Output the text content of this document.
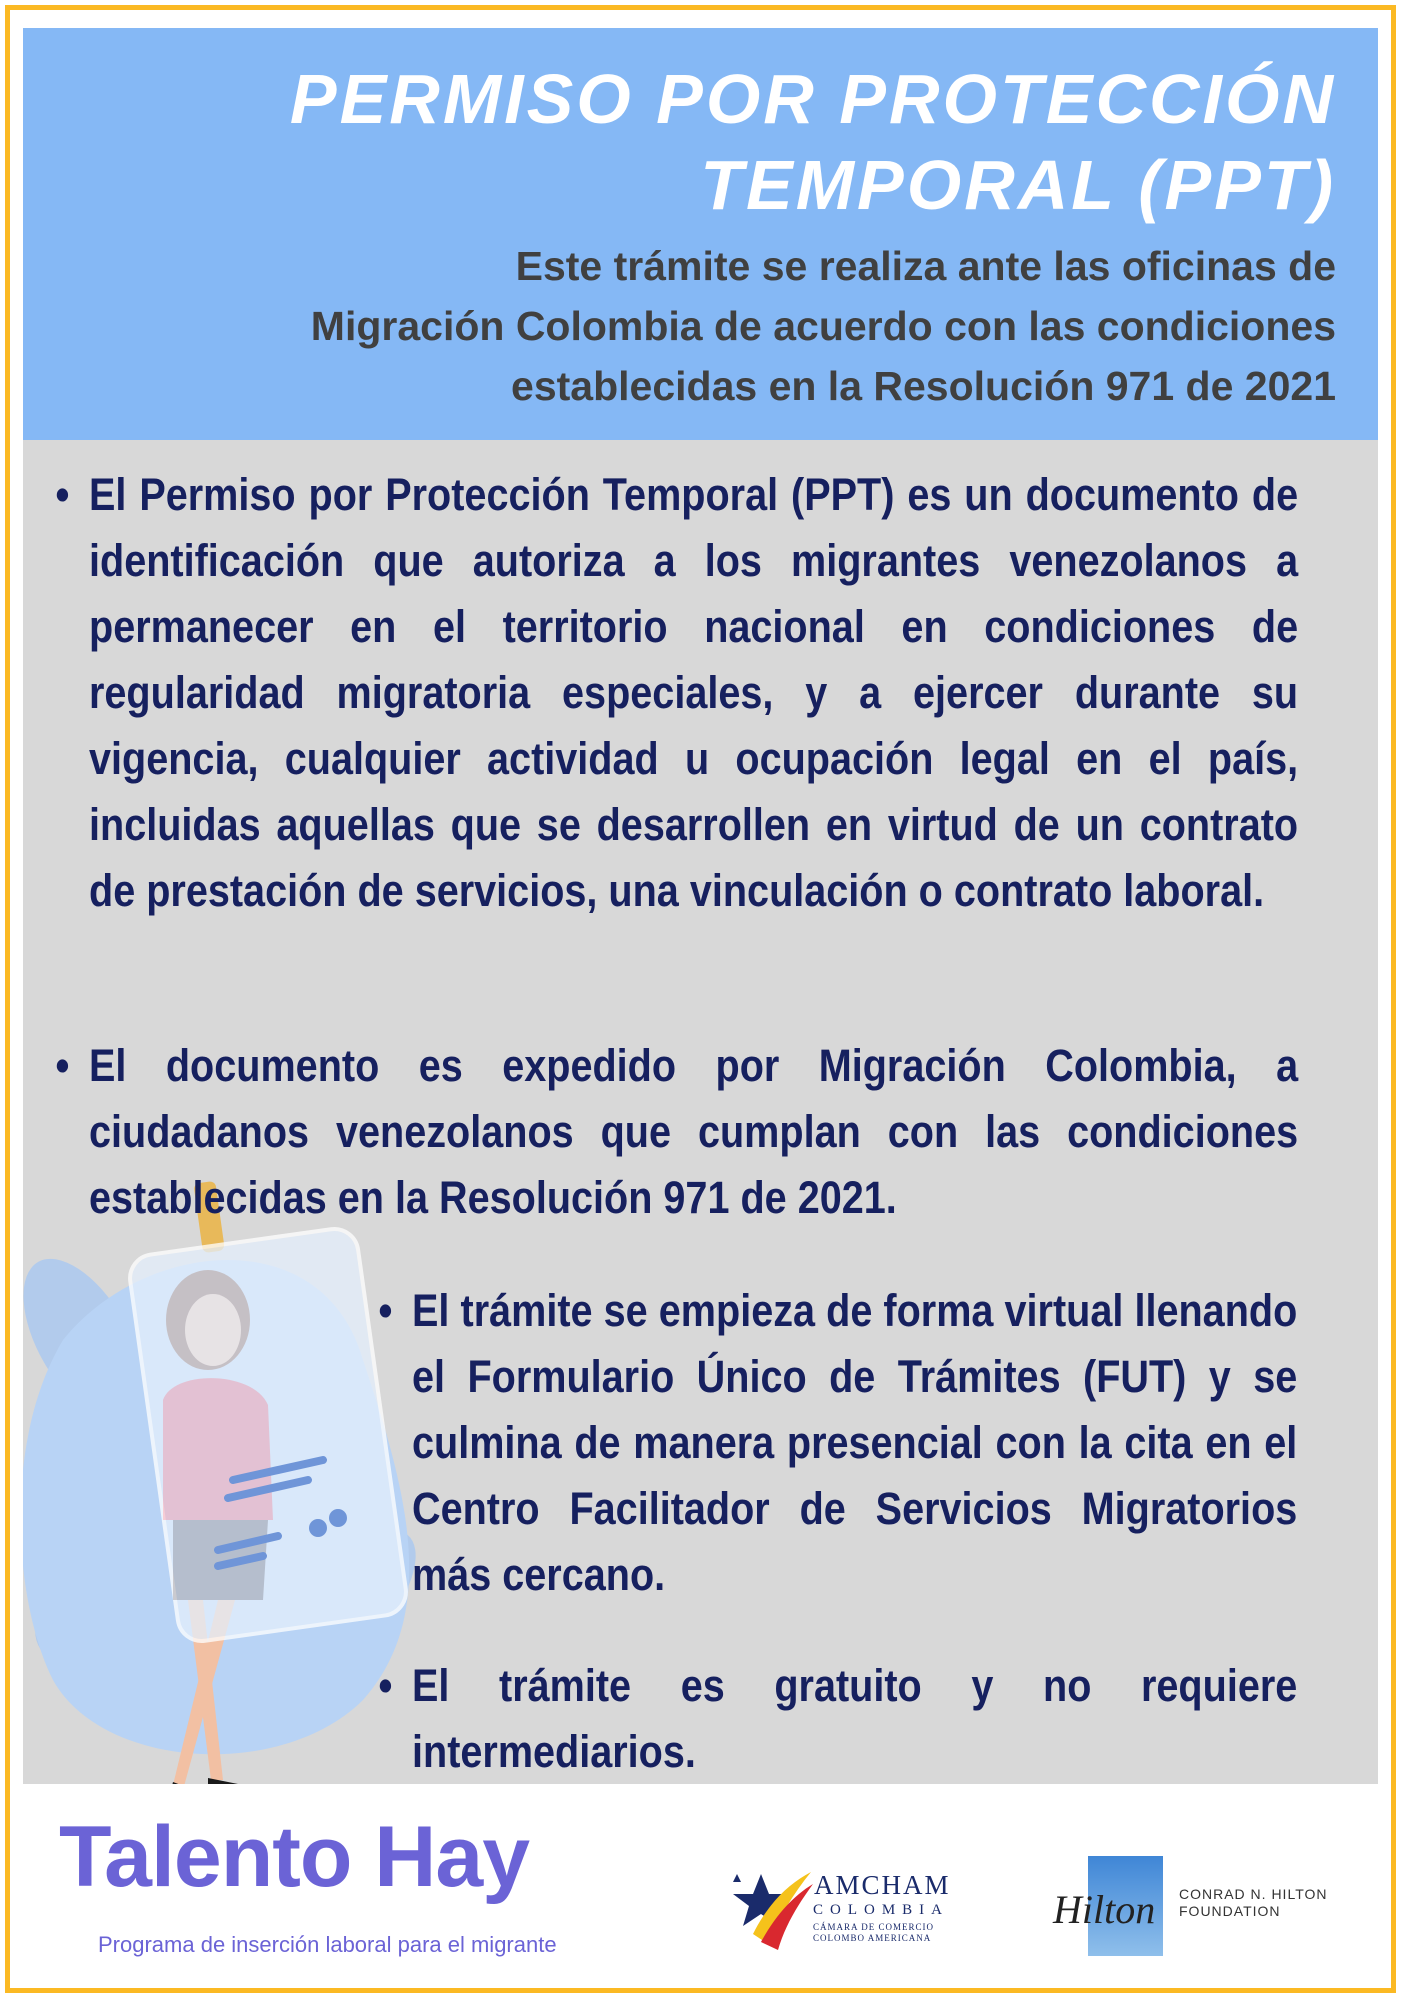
PERMISO POR PROTECCIÓN
TEMPORAL (PPT)
Este trámite se realiza ante las oficinas de
Migración Colombia de acuerdo con las condiciones
establecidas en la Resolución 971 de 2021
• El Permiso por Protección Temporal (PPT) es un documento de identificación que autoriza a los migrantes venezolanos a permanecer en el territorio nacional en condiciones de regularidad migratoria especiales, y a ejercer durante su vigencia, cualquier actividad u ocupación legal en el país, incluidas aquellas que se desarrollen en virtud de un contrato de prestación de servicios, una vinculación o contrato laboral.
• El documento es expedido por Migración Colombia, a ciudadanos venezolanos que cumplan con las condiciones establecidas en la Resolución 971 de 2021.
• El trámite se empieza de forma virtual llenando el Formulario Único de Trámites (FUT) y se culmina de manera presencial con la cita en el Centro Facilitador de Servicios Migratorios más cercano.
• El trámite es gratuito y no requiere intermediarios.
Talento Hay
Programa de inserción laboral para el migrante
AMCHAM
COLOMBIA
CÁMARA DE COMERCIO
COLOMBO AMERICANA
Hilton CONRAD N. HILTON
FOUNDATION
